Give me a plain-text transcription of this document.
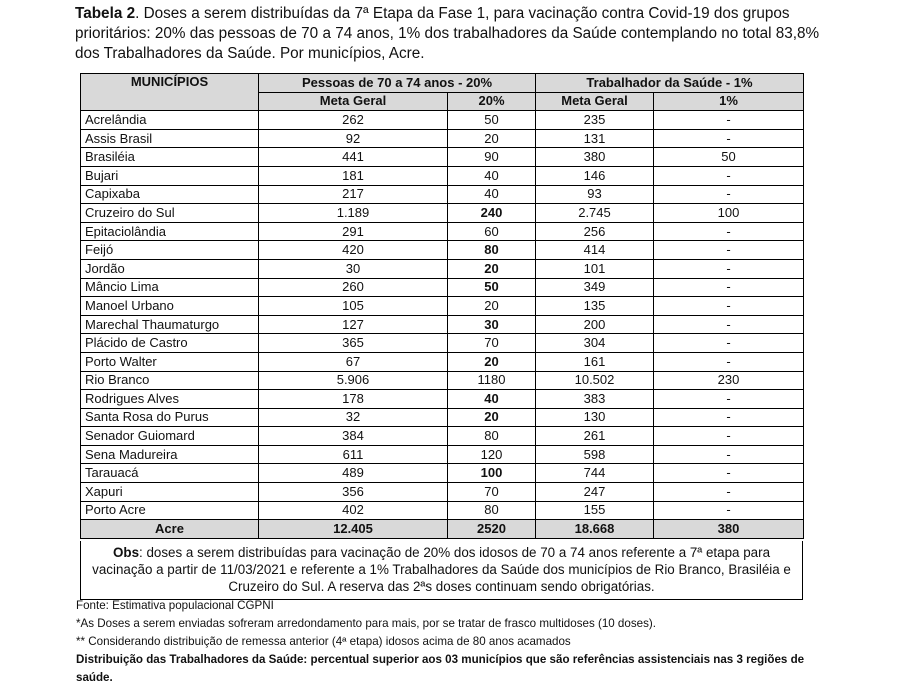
Tabela 2. Doses a serem distribuídas da 7ª Etapa da Fase 1, para vacinação contra Covid-19 dos grupos prioritários: 20% das pessoas de 70 a 74 anos, 1% dos trabalhadores da Saúde contemplando no total 83,8% dos Trabalhadores da Saúde. Por municípios, Acre.
MUNICÍPIOS	Pessoas de 70 a 74 anos - 20%		Trabalhador da Saúde - 1%	
	Meta Geral	20%	Meta Geral	1%
Acrelândia	262	50	235	-
Assis Brasil	92	20	131	-
Brasiléia	441	90	380	50
Bujari	181	40	146	-
Capixaba	217	40	93	-
Cruzeiro do Sul	1.189	240	2.745	100
Epitaciolândia	291	60	256	-
Feijó	420	80	414	-
Jordão	30	20	101	-
Mâncio Lima	260	50	349	-
Manoel Urbano	105	20	135	-
Marechal Thaumaturgo	127	30	200	-
Plácido de Castro	365	70	304	-
Porto Walter	67	20	161	-
Rio Branco	5.906	1180	10.502	230
Rodrigues Alves	178	40	383	-
Santa Rosa do Purus	32	20	130	-
Senador Guiomard	384	80	261	-
Sena Madureira	611	120	598	-
Tarauacá	489	100	744	-
Xapuri	356	70	247	-
Porto Acre	402	80	155	-
Acre	12.405	2520	18.668	380
Obs: doses a serem distribuídas para vacinação de 20% dos idosos de 70 a 74 anos referente a 7ª etapa para vacinação a partir de 11/03/2021 e referente a 1% Trabalhadores da Saúde dos municípios de Rio Branco, Brasiléia e Cruzeiro do Sul. A reserva das 2ªs doses continuam sendo obrigatórias.
Fonte: Estimativa populacional CGPNI
*As Doses a serem enviadas sofreram arredondamento para mais, por se tratar de frasco multidoses (10 doses).
** Considerando distribuição de remessa anterior (4ª etapa) idosos acima de 80 anos acamados
Distribuição das Trabalhadores da Saúde: percentual superior aos 03 municípios que são referências assistenciais nas 3 regiões de saúde.
